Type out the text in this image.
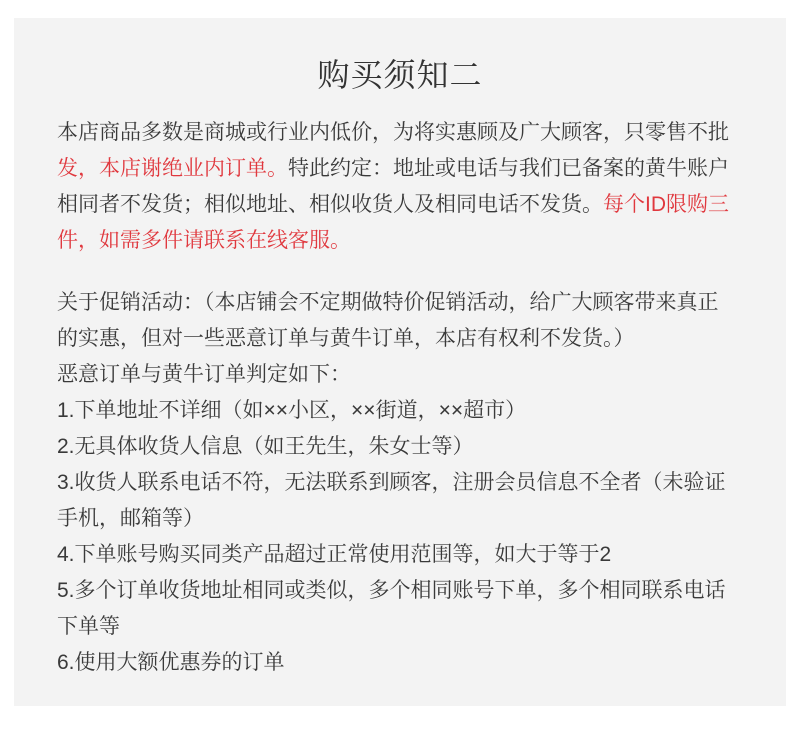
购买须知二
本店商品多数是商城或行业内低价，为将实惠顾及广大顾客，只零售不批
发，本店谢绝业内订单。特此约定：地址或电话与我们已备案的黄牛账户
相同者不发货；相似地址、相似收货人及相同电话不发货。每个ID限购三
件，如需多件请联系在线客服。
关于促销活动：（本店铺会不定期做特价促销活动，给广大顾客带来真正
的实惠，但对一些恶意订单与黄牛订单，本店有权利不发货。）
恶意订单与黄牛订单判定如下：
1.下单地址不详细（如××小区，××街道，××超市）
2.无具体收货人信息（如王先生，朱女士等）
3.收货人联系电话不符，无法联系到顾客，注册会员信息不全者（未验证
手机，邮箱等）
4.下单账号购买同类产品超过正常使用范围等，如大于等于2
5.多个订单收货地址相同或类似，多个相同账号下单，多个相同联系电话
下单等
6.使用大额优惠券的订单
